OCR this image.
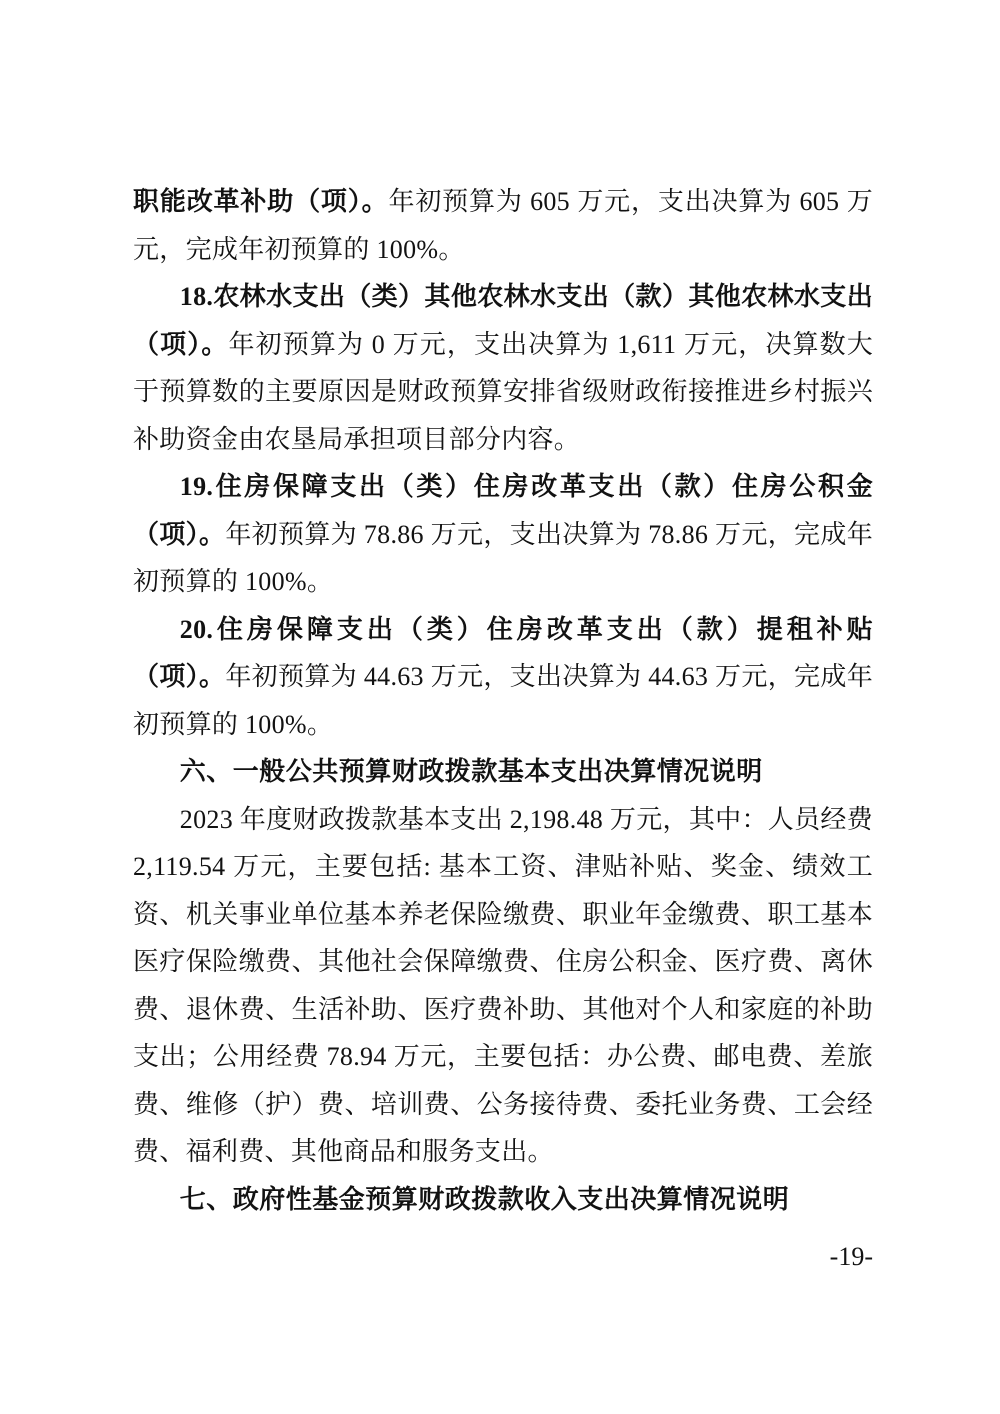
职能改革补助（项）。年初预算为 605 万元，支出决算为 605 万元，完成年初预算的 100%。

18.农林水支出（类）其他农林水支出（款）其他农林水支出（项）。年初预算为 0 万元，支出决算为 1,611 万元，决算数大于预算数的主要原因是财政预算安排省级财政衔接推进乡村振兴补助资金由农垦局承担项目部分内容。

19.住房保障支出（类）住房改革支出（款）住房公积金（项）。年初预算为 78.86 万元，支出决算为 78.86 万元，完成年初预算的 100%。

20.住房保障支出（类）住房改革支出（款）提租补贴（项）。年初预算为 44.63 万元，支出决算为 44.63 万元，完成年初预算的 100%。

六、一般公共预算财政拨款基本支出决算情况说明

2023 年度财政拨款基本支出 2,198.48 万元，其中：人员经费 2,119.54 万元，主要包括: 基本工资、津贴补贴、奖金、绩效工资、机关事业单位基本养老保险缴费、职业年金缴费、职工基本医疗保险缴费、其他社会保障缴费、住房公积金、医疗费、离休费、退休费、生活补助、医疗费补助、其他对个人和家庭的补助支出；公用经费 78.94 万元，主要包括：办公费、邮电费、差旅费、维修（护）费、培训费、公务接待费、委托业务费、工会经费、福利费、其他商品和服务支出。

七、政府性基金预算财政拨款收入支出决算情况说明
-19-
